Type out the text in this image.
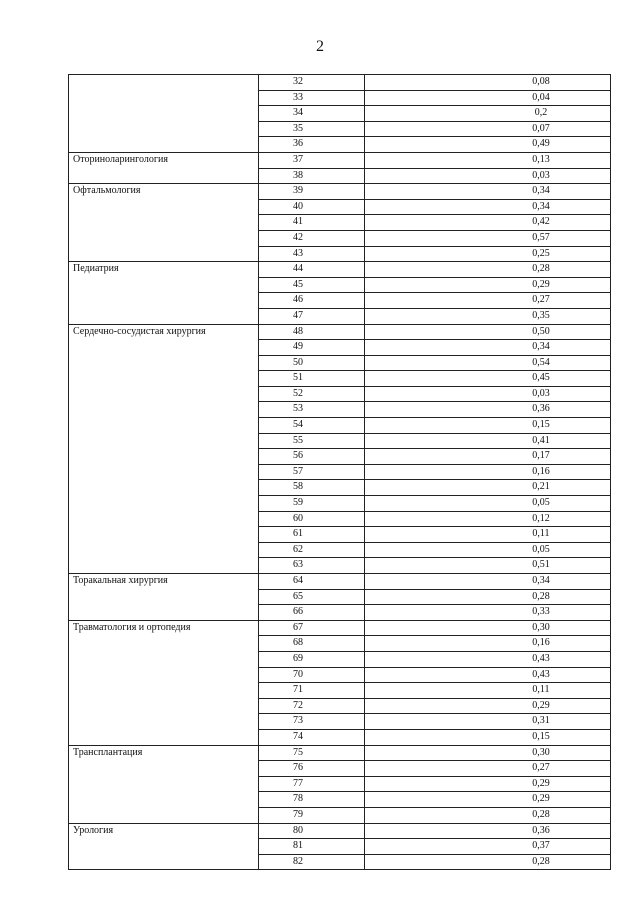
2
	32	0,08
	33	0,04
	34	0,2
	35	0,07
	36	0,49
Оториноларингология	37	0,13
	38	0,03
Офтальмология	39	0,34
	40	0,34
	41	0,42
	42	0,57
	43	0,25
Педиатрия	44	0,28
	45	0,29
	46	0,27
	47	0,35
Сердечно-сосудистая хирургия	48	0,50
	49	0,34
	50	0,54
	51	0,45
	52	0,03
	53	0,36
	54	0,15
	55	0,41
	56	0,17
	57	0,16
	58	0,21
	59	0,05
	60	0,12
	61	0,11
	62	0,05
	63	0,51
Торакальная хирургия	64	0,34
	65	0,28
	66	0,33
Травматология и ортопедия	67	0,30
	68	0,16
	69	0,43
	70	0,43
	71	0,11
	72	0,29
	73	0,31
	74	0,15
Трансплантация	75	0,30
	76	0,27
	77	0,29
	78	0,29
	79	0,28
Урология	80	0,36
	81	0,37
	82	0,28
